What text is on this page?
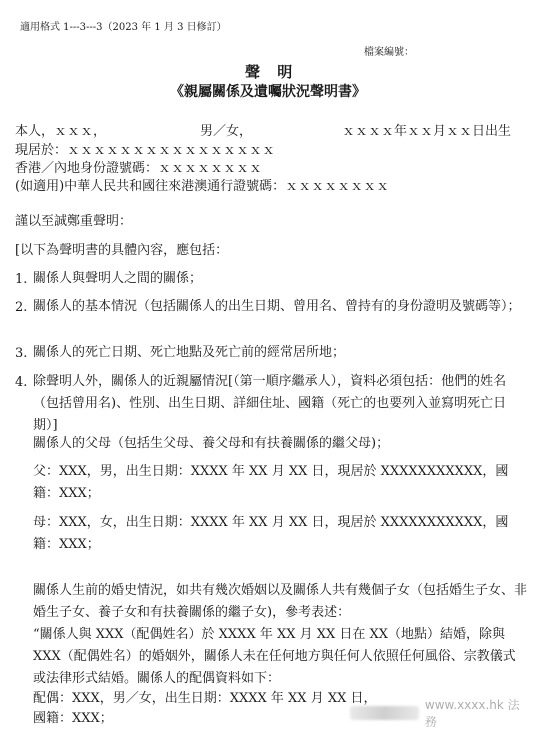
適用格式 1---3---3（2023 年 1 月 3 日修訂）
檔案編號：
聲 明
《親屬關係及遺囑狀況聲明書》
本人，ｘｘｘ，	男／女，	ｘｘｘｘ年ｘｘ月ｘｘ日出生
現居於：ｘｘｘｘｘｘｘｘｘｘｘｘｘｘｘｘ
香港／內地身份證號碼：ｘｘｘｘｘｘｘｘ
(如適用)中華人民共和國往來港澳通行證號碼：ｘｘｘｘｘｘｘｘ
謹以至誠鄭重聲明：
[以下為聲明書的具體內容，應包括：
1. 關係人與聲明人之間的關係；
2. 關係人的基本情況（包括關係人的出生日期、曾用名、曾持有的身份證明及號碼等）；
3. 關係人的死亡日期、死亡地點及死亡前的經常居所地；
4. 除聲明人外，關係人的近親屬情況[（第一順序繼承人），資料必須包括：他們的姓名（包括曾用名)、性別、出生日期、詳細住址、國籍（死亡的也要列入並寫明死亡日期）]
關係人的父母（包括生父母、養父母和有扶養關係的繼父母)；
父：XXX，男，出生日期：XXXX 年 XX 月 XX 日，現居於 XXXXXXXXXXX，國籍：XXX；
母：XXX，女，出生日期：XXXX 年 XX 月 XX 日，現居於 XXXXXXXXXXX，國籍：XXX；
關係人生前的婚史情況，如共有幾次婚姻以及關係人共有幾個子女（包括婚生子女、非婚生子女、養子女和有扶養關係的繼子女)，參考表述：
“關係人與 XXX（配偶姓名）於 XXXX 年 XX 月 XX 日在 XX（地點）結婚，除與 XXX（配偶姓名）的婚姻外，關係人未在任何地方與任何人依照任何風俗、宗教儀式或法律形式結婚。關係人的配偶資料如下：
配偶：XXX，男／女，出生日期：XXXX 年 XX 月 XX 日，
國籍：XXX；
www.xxxx.hk 法務
